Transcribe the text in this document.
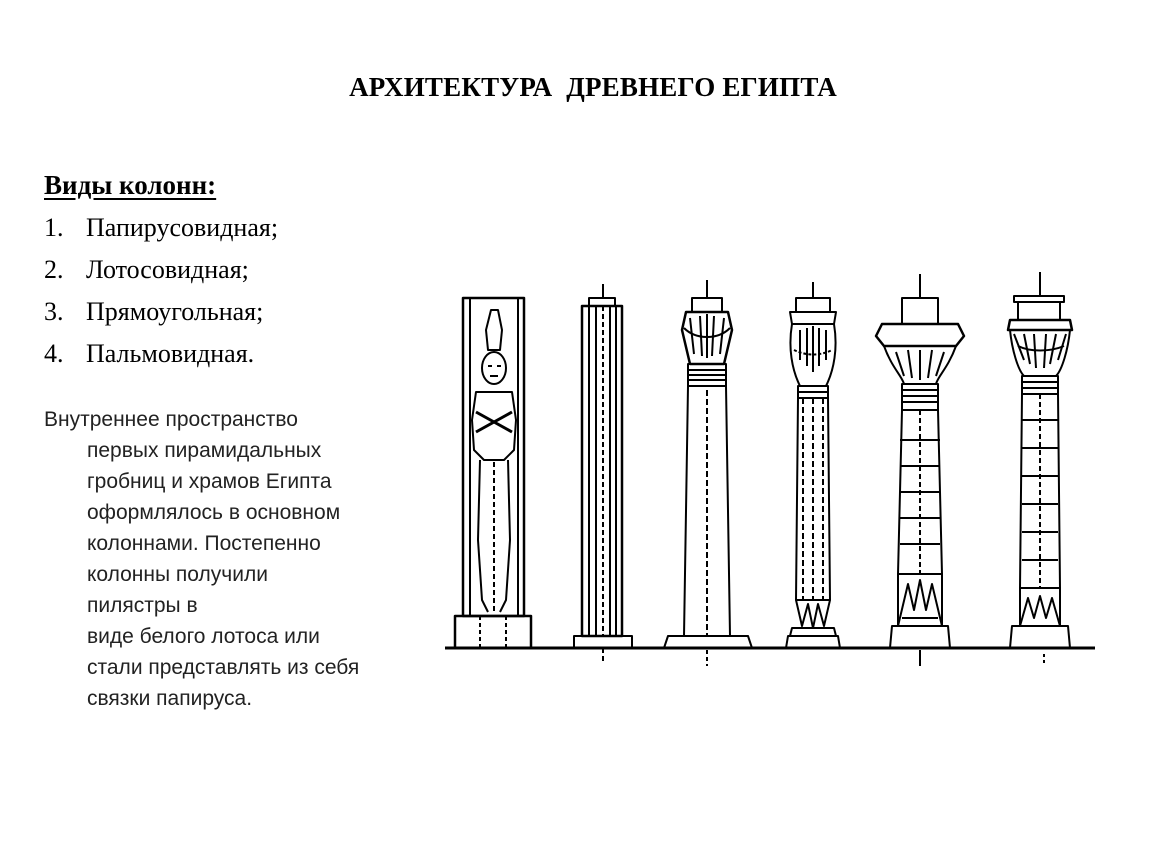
АРХИТЕКТУРА  ДРЕВНЕГО ЕГИПТА
Виды колонн:
1. Папирусовидная;
2. Лотосовидная;
3. Прямоугольная;
4. Пальмовидная.
Внутреннее пространство
первых пирамидальных
гробниц и храмов Египта
оформлялось в основном
колоннами. Постепенно
колонны получили
пилястры в
виде белого лотоса или
стали представлять из себя
связки папируса.
